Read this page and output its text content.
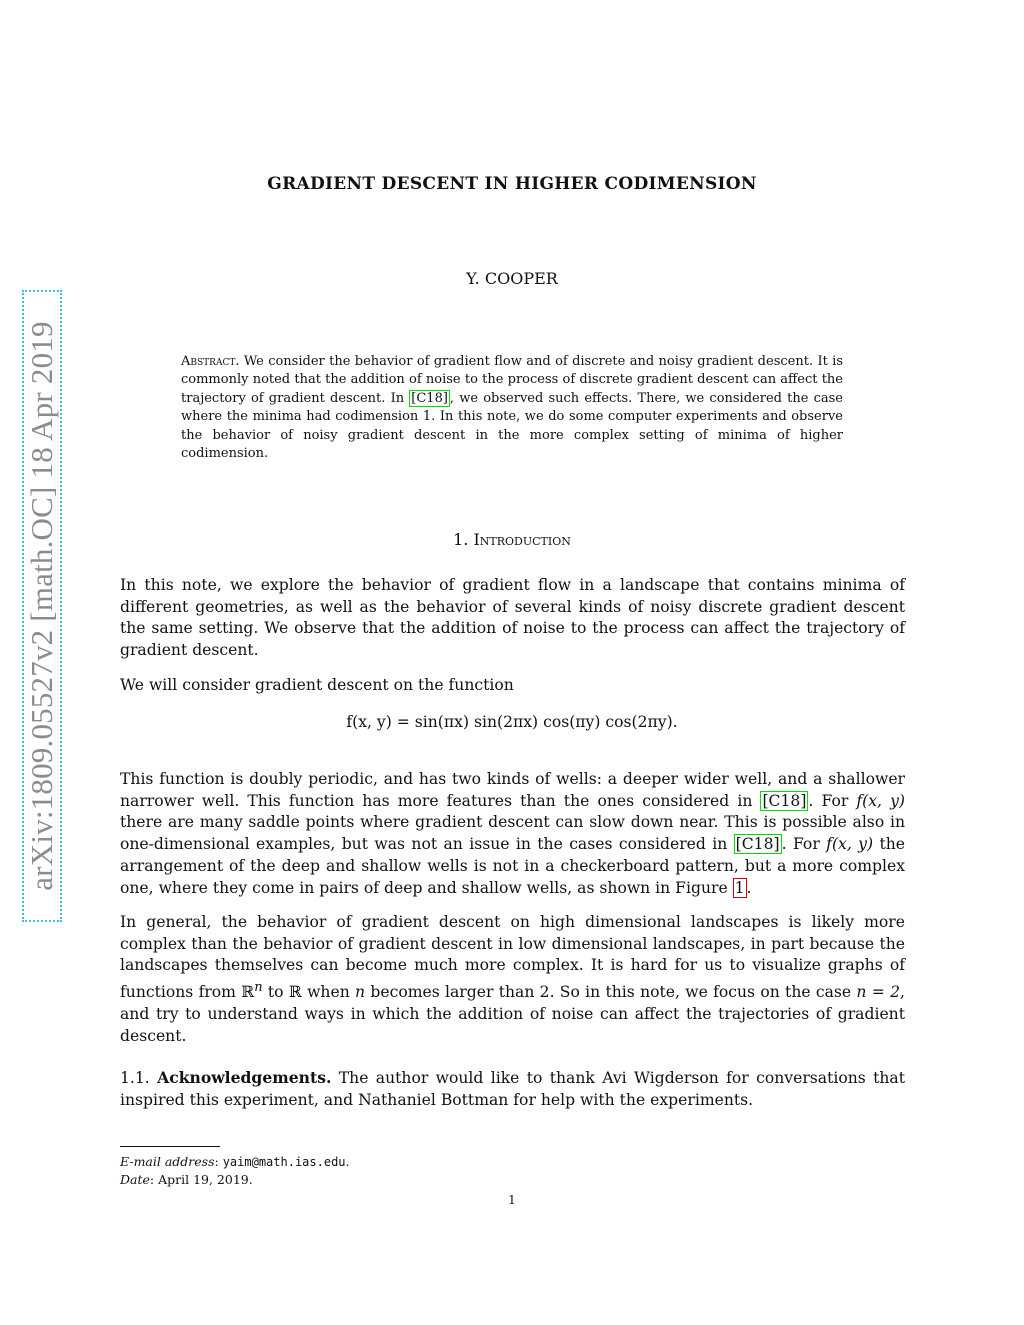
arXiv:1809.05527v2 [math.OC] 18 Apr 2019
GRADIENT DESCENT IN HIGHER CODIMENSION
Y. COOPER
Abstract. We consider the behavior of gradient flow and of discrete and noisy gradient descent. It is commonly noted that the addition of noise to the process of discrete gradient descent can affect the trajectory of gradient descent. In [C18] , we observed such effects. There, we considered the case where the minima had codimension 1. In this note, we do some computer experiments and observe the behavior of noisy gradient descent in the more complex setting of minima of higher codimension.
1. Introduction
In this note, we explore the behavior of gradient flow in a landscape that contains minima of different geometries, as well as the behavior of several kinds of noisy discrete gradient descent the same setting. We observe that the addition of noise to the process can affect the trajectory of gradient descent.
We will consider gradient descent on the function
f(x, y) = sin(πx) sin(2πx) cos(πy) cos(2πy).
This function is doubly periodic, and has two kinds of wells: a deeper wider well, and a shallower narrower well. This function has more features than the ones considered in [C18] . For f(x, y) there are many saddle points where gradient descent can slow down near. This is possible also in one-dimensional examples, but was not an issue in the cases considered in [C18] . For f(x, y) the arrangement of the deep and shallow wells is not in a checkerboard pattern, but a more complex one, where they come in pairs of deep and shallow wells, as shown in Figure 1 .
In general, the behavior of gradient descent on high dimensional landscapes is likely more complex than the behavior of gradient descent in low dimensional landscapes, in part because the landscapes themselves can become much more complex. It is hard for us to visualize graphs of functions from ℝ$^n$ to ℝ when n becomes larger than 2. So in this note, we focus on the case n = 2, and try to understand ways in which the addition of noise can affect the trajectories of gradient descent.
1.1. Acknowledgements. The author would like to thank Avi Wigderson for conversations that inspired this experiment, and Nathaniel Bottman for help with the experiments.
E-mail address: yaim@math.ias.edu.
Date: April 19, 2019.
1
